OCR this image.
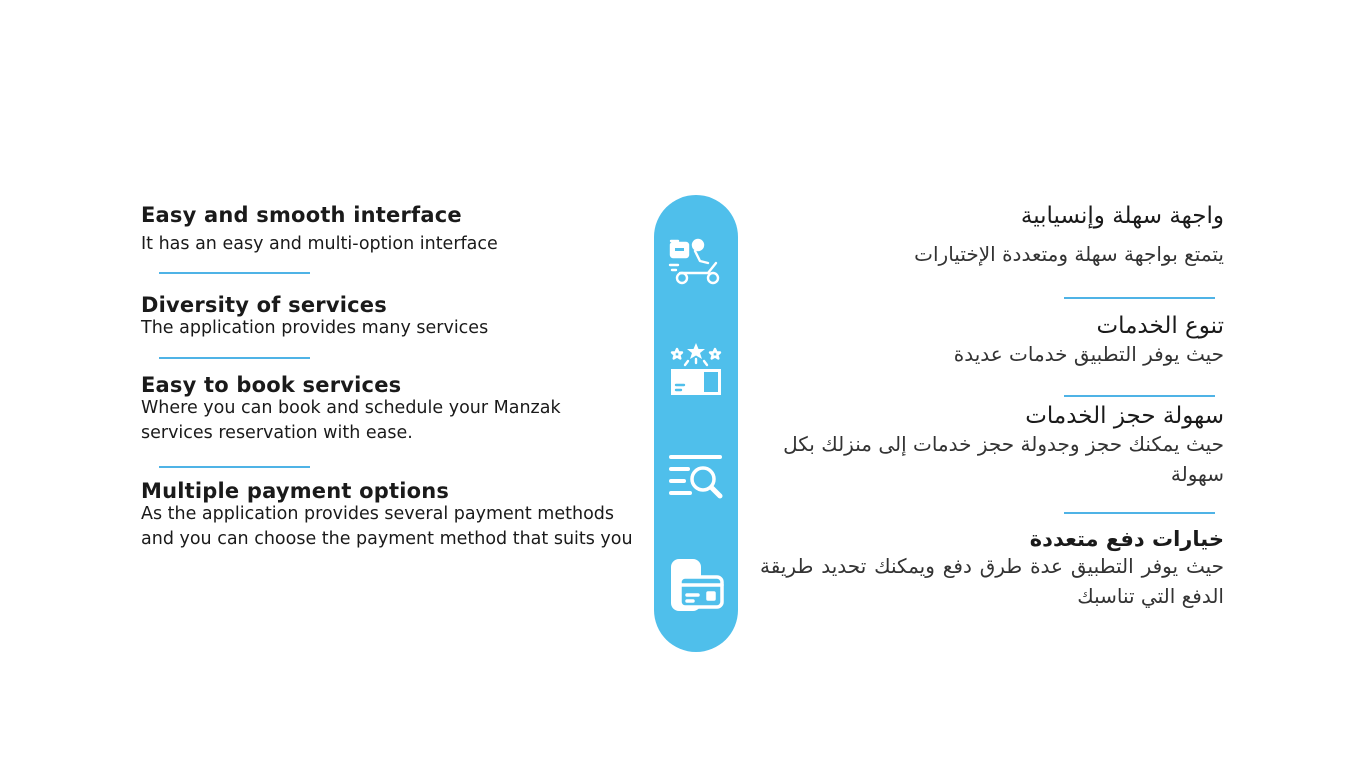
Easy and smooth interface
It has an easy and multi-option interface
Diversity of services
The application provides many services
Easy to book services
Where you can book and schedule your Manzak services reservation with ease.
Multiple payment options
As the application provides several payment methods and you can choose the payment method that suits you
واجهة سهلة وإنسيابية
يتمتع بواجهة سهلة ومتعددة الإختيارات
تنوع الخدمات
حيث يوفر التطبيق خدمات عديدة
سهولة حجز الخدمات
حيث يمكنك حجز وجدولة حجز خدمات إلى منزلك بكل سهولة
خيارات دفع متعددة
حيث يوفر التطبيق عدة طرق دفع ويمكنك تحديد طريقة الدفع التي تناسبك
